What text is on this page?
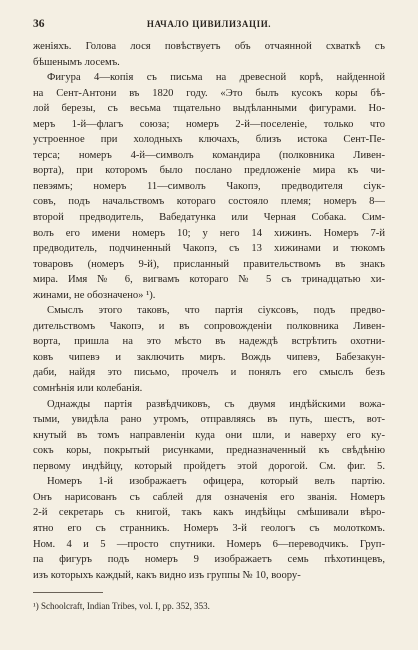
36	НАЧАЛО ЦИВИЛИЗАЦІИ.
женіяхъ. Голова лося повѣствуетъ объ отчаянной схваткѣ съ
бѣшенымъ лосемъ.
Фигура 4—копія съ письма на древесной корѣ, найденной
на Сент-Антони въ 1820 году. «Это былъ кусокъ коры бѣ-
лой березы, съ весьма тщательно выдѣланными фигурами. Но-
меръ 1-й—флагъ союза; номеръ 2-й—поселеніе, только что
устроенное при холодныхъ ключахъ, близъ истока Сент-Пе-
терса; номеръ 4-й—символъ командира (полковника Ливен-
ворта), при которомъ было послано предложеніе мира къ чи-
певэямъ; номеръ 11—символъ Чакопэ, предводителя сіук-
совъ, подъ начальствомъ котораго состояло племя; номеръ 8—
второй предводитель, Вабедатунка или Черная Собака. Сим-
волъ его имени номеръ 10; у него 14 хижинъ. Номеръ 7-й
предводитель, подчиненный Чакопэ, съ 13 хижинами и тюкомъ
товаровъ (номеръ 9-й), присланный правительствомъ въ знакъ
мира. Имя № 6, вигвамъ котораго № 5 съ тринадцатью хи-
жинами, не обозначено» ¹).
Смыслъ этого таковъ, что партія сіуксовъ, подъ предво-
дительствомъ Чакопэ, и въ сопровожденіи полковника Ливен-
ворта, пришла на это мѣсто въ надеждѣ встрѣтить охотни-
ковъ чипевэ и заключить миръ. Вождь чипевэ, Бабезакун-
даби, найдя это письмо, прочелъ и понялъ его смыслъ безъ
сомнѣнія или колебанія.
Однажды партія развѣдчиковъ, съ двумя индѣйскими вожа-
тыми, увидѣла рано утромъ, отправляясь въ путь, шестъ, вот-
кнутый въ томъ направленіи куда они шли, и наверху его ку-
сокъ коры, покрытый рисунками, предназначенный къ свѣдѣнію
первому индѣйцу, который пройдетъ этой дорогой. См. фиг. 5.
Номеръ 1-й изображаетъ офицера, который велъ партію.
Онъ нарисованъ съ саблей для означенія его званія. Номеръ
2-й секретарь съ книгой, такъ какъ индѣйцы смѣшивали вѣро-
ятно его съ странникъ. Номеръ 3-й геологъ съ молоткомъ.
Ном. 4 и 5 —просто спутники. Номеръ 6—переводчикъ. Груп-
па фигуръ подъ номеръ 9 изображаетъ семь пѣхотинцевъ,
изъ которыхъ каждый, какъ видно изъ группы № 10, воору-
¹) Schoolcraft, Indian Tribes, vol. I, pp. 352, 353.
